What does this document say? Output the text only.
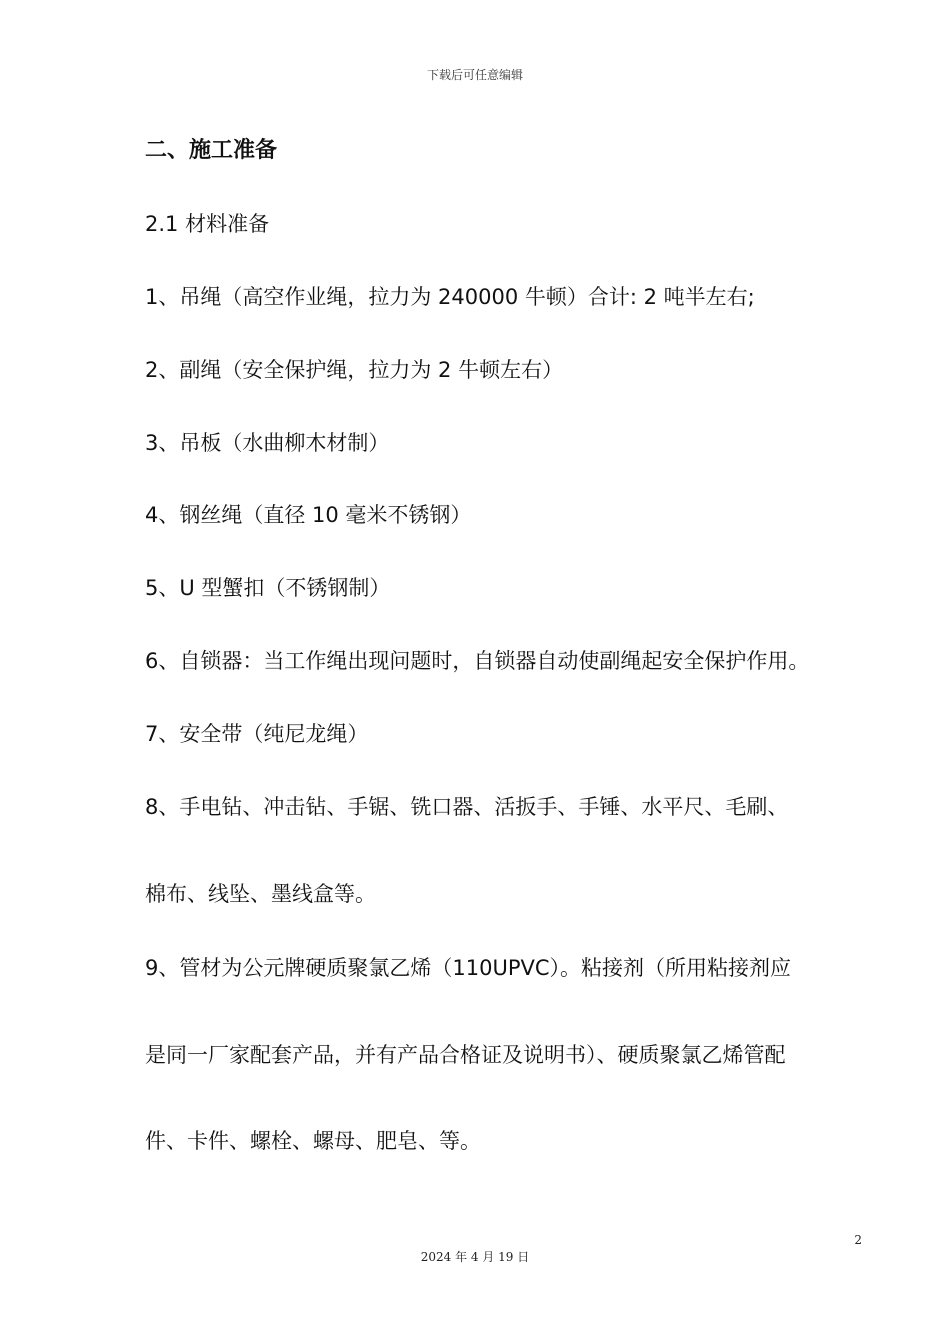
下载后可任意编辑
二、施工准备
2.1 材料准备
1、吊绳（高空作业绳，拉力为 240000 牛顿）合计: 2 吨半左右;
2、副绳（安全保护绳，拉力为 2 牛顿左右）
3、吊板（水曲柳木材制）
4、钢丝绳（直径 10 毫米不锈钢）
5、U 型蟹扣（不锈钢制）
6、自锁器：当工作绳出现问题时，自锁器自动使副绳起安全保护作用。
7、安全带（纯尼龙绳）
8、手电钻、冲击钻、手锯、铣口器、活扳手、手锤、水平尺、毛刷、
棉布、线坠、墨线盒等。
9、管材为公元牌硬质聚氯乙烯（110UPVC）。粘接剂（所用粘接剂应
是同一厂家配套产品，并有产品合格证及说明书）、硬质聚氯乙烯管配
件、卡件、螺栓、螺母、肥皂、等。
2
2024 年 4 月 19 日
